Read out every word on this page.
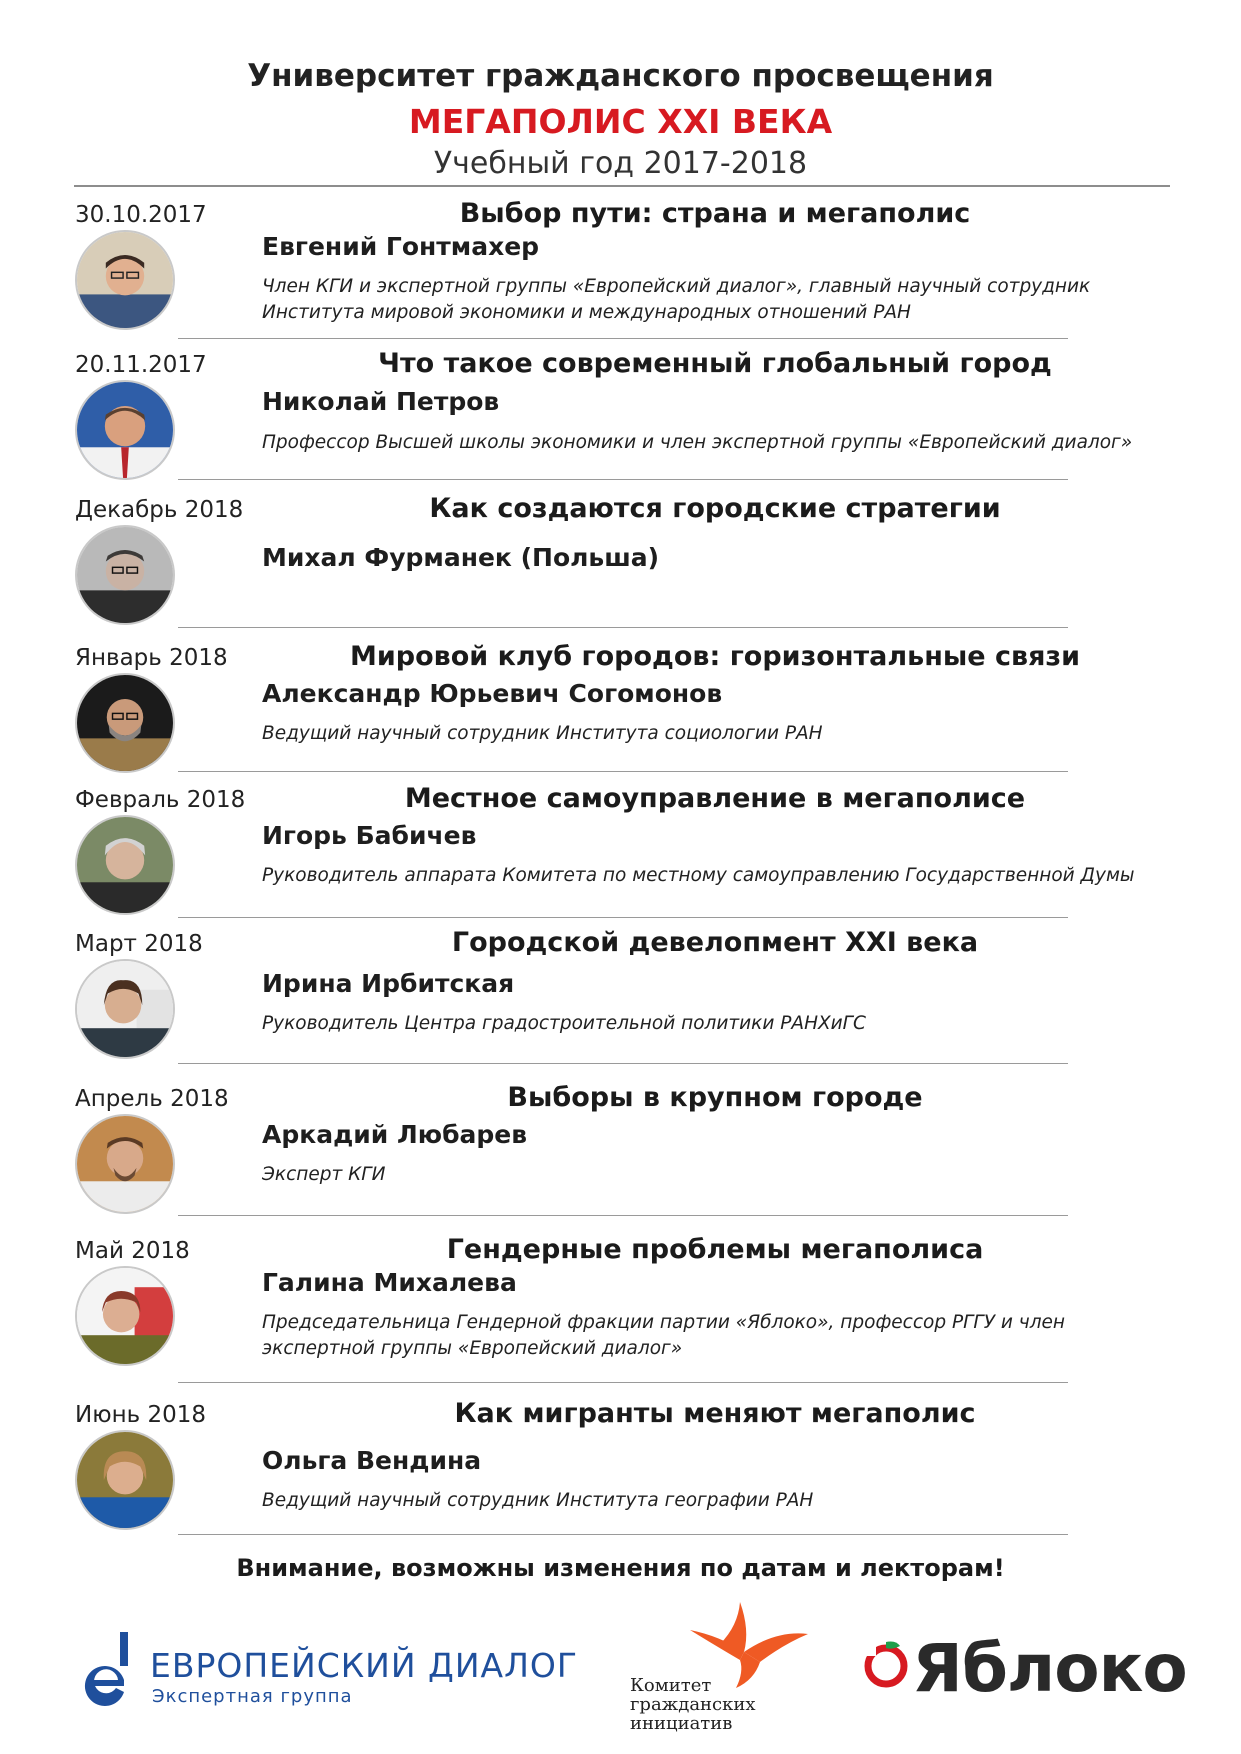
Университет гражданского просвещения
МЕГАПОЛИС XXI ВЕКА
Учебный год 2017-2018
30.10.2017	Выбор пути: страна и мегаполис
Евгений Гонтмахер
Член КГИ и экспертной группы «Европейский диалог», главный научный сотрудник Института мировой экономики и международных отношений РАН
20.11.2017	Что такое современный глобальный город
Николай Петров
Профессор Высшей школы экономики и член экспертной группы «Европейский диалог»
Декабрь 2018	Как создаются городские стратегии
Михал Фурманек (Польша)
Январь 2018	Мировой клуб городов: горизонтальные связи
Александр Юрьевич Согомонов
Ведущий научный сотрудник Института социологии РАН
Февраль 2018	Местное самоуправление в мегаполисе
Игорь Бабичев
Руководитель аппарата Комитета по местному самоуправлению Государственной Думы
Март 2018	Городской девелопмент XXI века
Ирина Ирбитская
Руководитель Центра градостроительной политики РАНХиГС
Апрель 2018	Выборы в крупном городе
Аркадий Любарев
Эксперт КГИ
Май 2018	Гендерные проблемы мегаполиса
Галина Михалева
Председательница Гендерной фракции партии «Яблоко», профессор РГГУ и член экспертной группы «Европейский диалог»
Июнь 2018	Как мигранты меняют мегаполис
Ольга Вендина
Ведущий научный сотрудник Института географии РАН
Внимание, возможны изменения по датам и лекторам!
ЕВРОПЕЙСКИЙ ДИАЛОГ
Экспертная группа
Комитет
гражданских
инициатив
Яблоко
